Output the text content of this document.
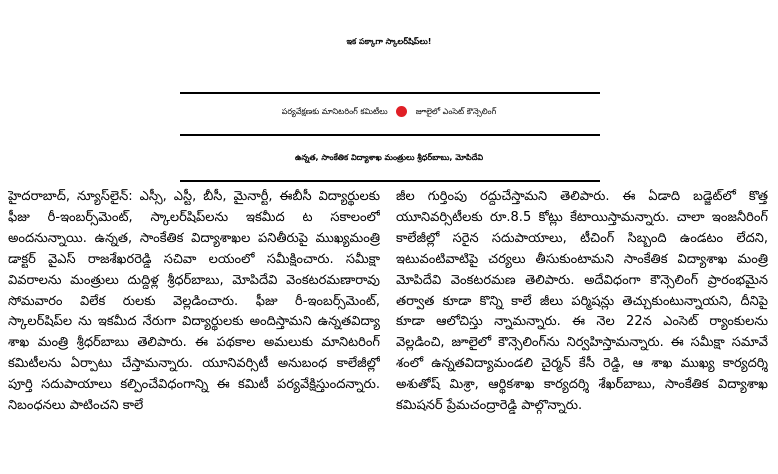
ఇక పక్కాగా స్కాలర్‌షిప్‌లు!
పర్యవేక్షణకు మానిటరింగ్ కమిటీలు	జూలైలో ఎంసెట్ కౌన్సెలింగ్
ఉన్నత, సాంకేతిక విద్యాశాఖ మంత్రులు శ్రీధర్‌బాబు, మోపిదేవి

హైదరాబాద్, న్యూస్‌లైన్: ఎస్సీ, ఎస్టీ, బీసీ, మైనార్టీ, ఈబీసీ విద్యార్థులకు ఫీజు రీ-ఇంబర్స్‌మెంట్, స్కాలర్‌షిప్‌లను ఇకమీద ట సకాలంలో అందనున్నాయి. ఉన్నత, సాంకేతిక విద్యాశాఖల పనితీరుపై ముఖ్యమంత్రి డాక్టర్ వైఎస్ రాజశేఖరరెడ్డి సచివా లయంలో సమీక్షించారు. సమీక్షా వివరాలను మంత్రులు దుద్దిళ్ల శ్రీధర్‌బాబు, మోపిదేవి వెంకటరమణారావు సోమవారం విలేక రులకు వెల్లడించారు. ఫీజు రీ-ఇంబర్స్‌మెంట్, స్కాలర్‌షిప్‌ల ను ఇకమీద నేరుగా విద్యార్థులకు అందిస్తామని ఉన్నతవిద్యా శాఖ మంత్రి శ్రీధర్‌బాబు తెలిపారు. ఈ పథకాల అమలుకు మానిటరింగ్ కమిటీలను ఏర్పాటు చేస్తామన్నారు. యూనివర్సిటీ అనుబంధ కాలేజీల్లో పూర్తి సదుపాయాలు కల్పించేవిధంగాన్ని ఈ కమిటీ పర్యవేక్షిస్తుందన్నారు. నిబంధనలు పాటించని కాలే

జీల గుర్తింపు రద్దుచేస్తామని తెలిపారు. ఈ ఏడాది బడ్జెట్‌లో కొత్త యూనివర్సిటీలకు రూ.8.5 కోట్లు కేటాయిస్తామన్నారు. చాలా ఇంజనీరింగ్ కాలేజీల్లో సరైన సదుపాయాలు, టీచింగ్ సిబ్బంది ఉండటం లేదని, ఇటువంటివాటిపై చర్యలు తీసుకుంటామని సాంకేతిక విద్యాశాఖ మంత్రి మోపిదేవి వెంకటరమణ తెలిపారు. అదేవిధంగా కౌన్సెలింగ్ ప్రారంభమైన తర్వాత కూడా కొన్ని కాలే జీలు పర్మిషన్లు తెచ్చుకుంటున్నాయని, దీనిపై కూడా ఆలోచిస్తు న్నామన్నారు. ఈ నెల 22న ఎంసెట్ ర్యాంకులను వెల్లడించి, జూలైలో కౌన్సెలింగ్‌ను నిర్వహిస్తామన్నారు. ఈ సమీక్షా సమావే శంలో ఉన్నతవిద్యామండలి చైర్మన్ కేసీ రెడ్డి, ఆ శాఖ ముఖ్య కార్యదర్శి అశుతోష్ మిశ్రా, ఆర్థికశాఖ కార్యదర్శి శేఖర్‌బాబు, సాంకేతిక విద్యాశాఖ కమిషనర్ ప్రేమచంద్రారెడ్డి పాల్గొన్నారు.
